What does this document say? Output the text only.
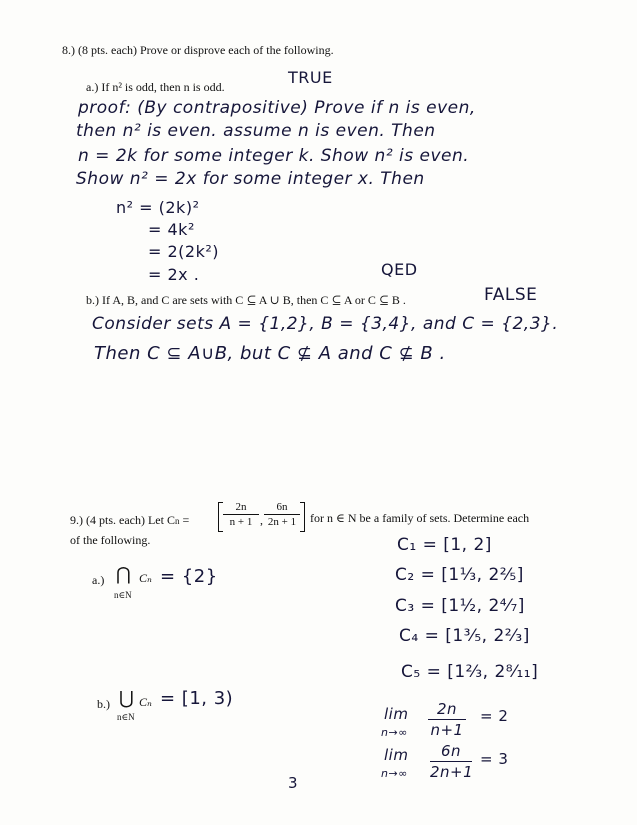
8.) (8 pts. each) Prove or disprove each of the following.
a.) If n² is odd, then n is odd.	TRUE
proof: (By contrapositive) Prove if n is even,
then n² is even. assume n is even. Then
n = 2k for some integer k. Show n² is even.
Show n² = 2x for some integer x. Then
n² = (2k)²
= 4k²
= 2(2k²)
= 2x .	QED
b.) If A, B, and C are sets with C ⊆ A ∪ B, then C ⊆ A or C ⊆ B .	FALSE
Consider sets A = {1,2}, B = {3,4}, and C = {2,3}.
Then C ⊆ A∪B, but C ⊈ A and C ⊈ B .
9.) (4 pts. each) Let Cn =
2n
n + 1 ,
6n
2n + 1	for n ∈ N be a family of sets. Determine each
of the following.
a.) ⋂ Cₙ
n∈N
= {2}
b.) ⋃ Cₙ
n∈N
= [1, 3)
C₁ = [1, 2]
C₂ = [1⅓, 2⅖]
C₃ = [1½, 2⁴⁄₇]
C₄ = [1³⁄₅, 2²⁄₃]
C₅ = [1⅔, 2⁸⁄₁₁]
lim
n→∞
2n
n+1
= 2
lim
n→∞
6n
2n+1
= 3
3
